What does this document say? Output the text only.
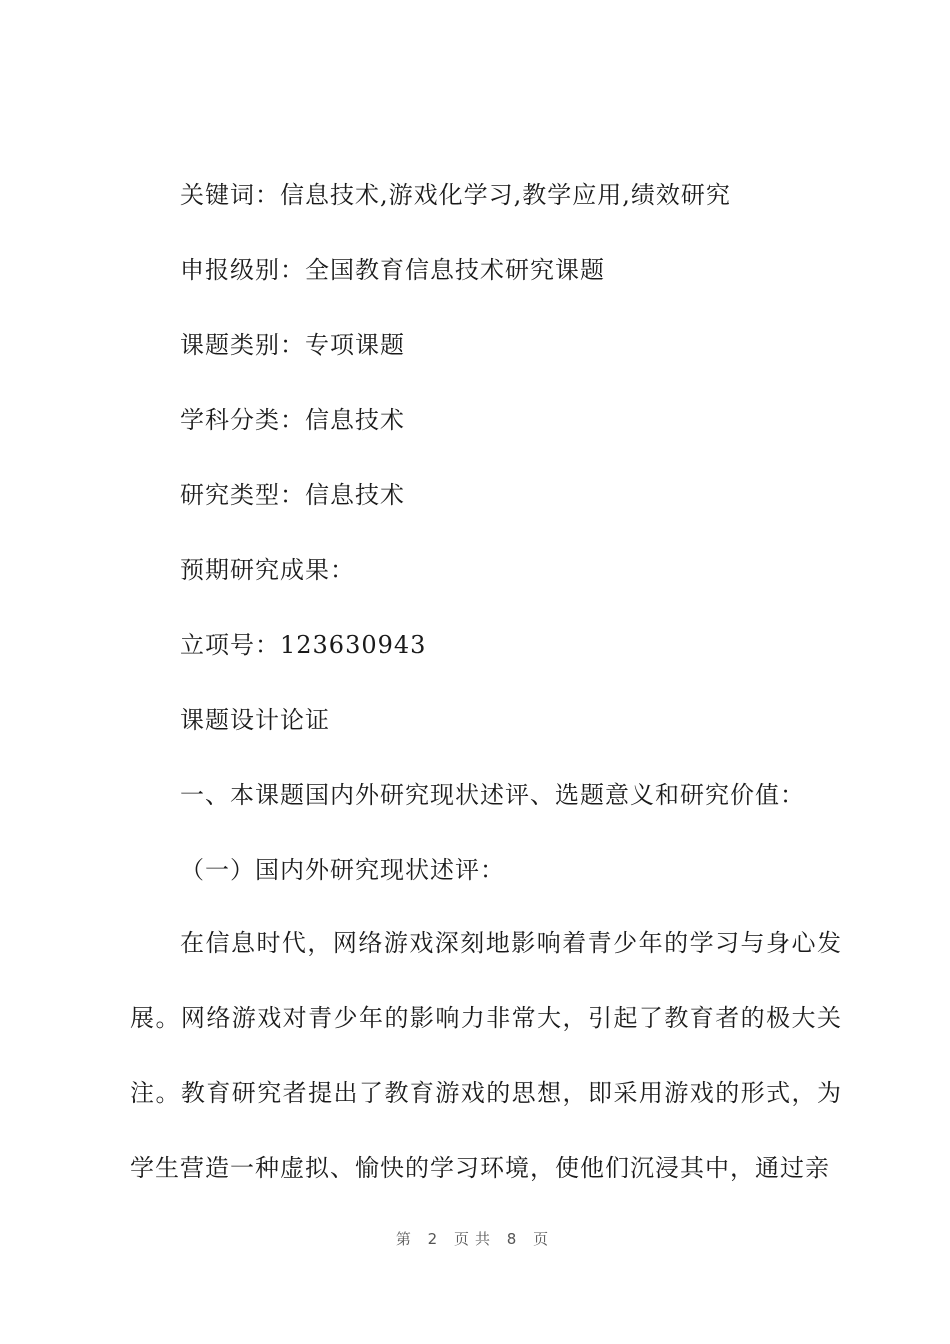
关键词：信息技术,游戏化学习,教学应用,绩效研究
申报级别：全国教育信息技术研究课题
课题类别：专项课题
学科分类：信息技术
研究类型：信息技术
预期研究成果：
立项号：123630943
课题设计论证
一、本课题国内外研究现状述评、选题意义和研究价值：
（一）国内外研究现状述评：
在信息时代，网络游戏深刻地影响着青少年的学习与身心发展。网络游戏对青少年的影响力非常大，引起了教育者的极大关注。教育研究者提出了教育游戏的思想，即采用游戏的形式，为学生营造一种虚拟、愉快的学习环境，使他们沉浸其中，通过亲
第 2 页共 8 页
